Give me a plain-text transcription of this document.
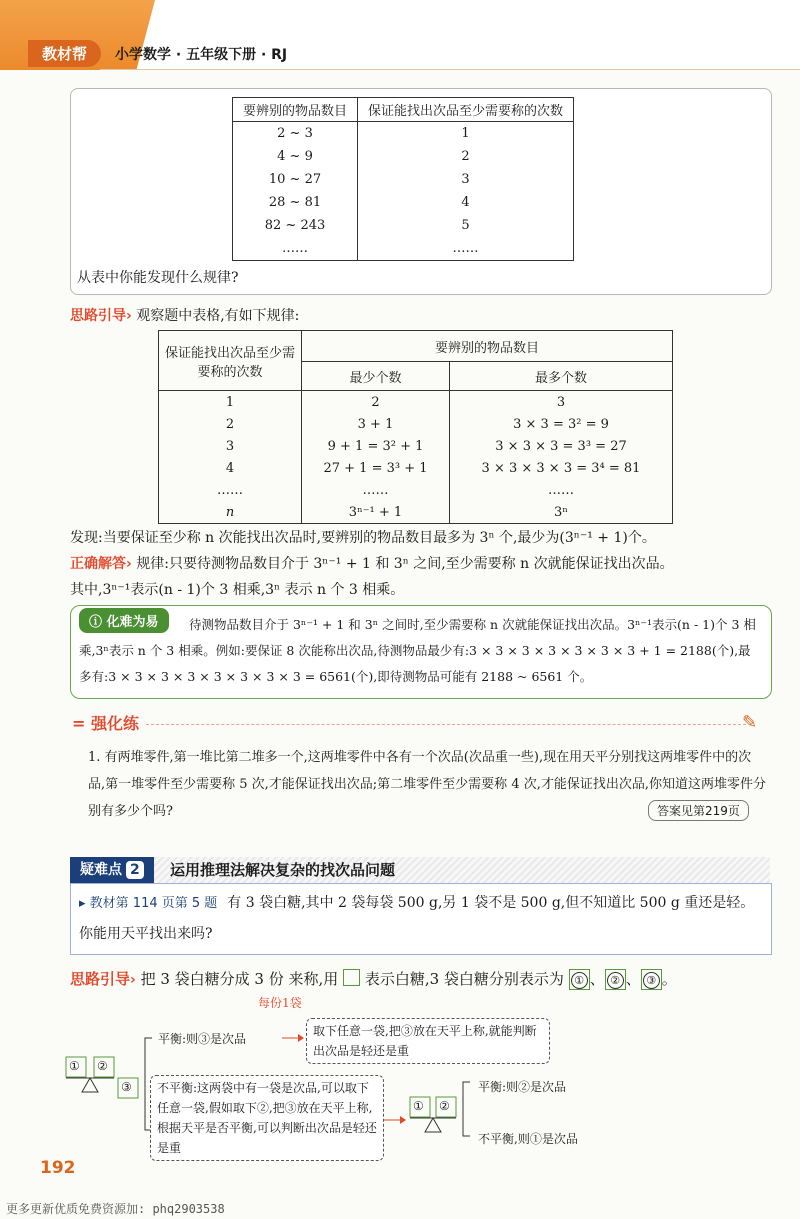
教材帮	小学数学 · 五年级下册 · RJ
要辨别的物品数目	保证能找出次品至少需要称的次数
2 ~ 3	1
4 ~ 9	2
10 ~ 27	3
28 ~ 81	4
82 ~ 243	5
……	……
从表中你能发现什么规律?
思路引导› 观察题中表格,有如下规律:
保证能找出次品至少需要称的次数	要辨别的物品数目	
	最少个数	最多个数
1	2	3
2	3 + 1	3 × 3 = 3² = 9
3	9 + 1 = 3² + 1	3 × 3 × 3 = 3³ = 27
4	27 + 1 = 3³ + 1	3 × 3 × 3 × 3 = 3⁴ = 81
……	……	……
n	3ⁿ⁻¹ + 1	3ⁿ
发现:当要保证至少称 n 次能找出次品时,要辨别的物品数目最多为 3ⁿ 个,最少为(3ⁿ⁻¹ + 1)个。
正确解答› 规律:只要待测物品数目介于 3ⁿ⁻¹ + 1 和 3ⁿ 之间,至少需要称 n 次就能保证找出次品。
其中,3ⁿ⁻¹表示(n - 1)个 3 相乘,3ⁿ 表示 n 个 3 相乘。
待测物品数目介于 3ⁿ⁻¹ + 1 和 3ⁿ 之间时,至少需要称 n 次就能保证找出次品。3ⁿ⁻¹表示(n - 1)个 3 相乘,3ⁿ表示 n 个 3 相乘。例如:要保证 8 次能称出次品,待测物品最少有:3 × 3 × 3 × 3 × 3 × 3 × 3 + 1 = 2188(个),最多有:3 × 3 × 3 × 3 × 3 × 3 × 3 × 3 = 6561(个),即待测物品可能有 2188 ~ 6561 个。
ⓘ 化难为易
= 强化练	✎
1. 有两堆零件,第一堆比第二堆多一个,这两堆零件中各有一个次品(次品重一些),现在用天平分别找这两堆零件中的次品,第一堆零件至少需要称 5 次,才能保证找出次品;第二堆零件至少需要称 4 次,才能保证找出次品,你知道这两堆零件分别有多少个吗?	答案见第219页
疑难点 2	运用推理法解决复杂的找次品问题
▸ 教材第 114 页第 5 题 有 3 袋白糖,其中 2 袋每袋 500 g,另 1 袋不是 500 g,但不知道比 500 g 重还是轻。你能用天平找出来吗?
思路引导› 把 3 袋白糖分成 3 份 来称,用 表示白糖,3 袋白糖分别表示为 ① 、 ② 、 ③ 。
每份1袋
① ②
③
① ②
平衡:则③是次品
取下任意一袋,把③放在天平上称,就能判断出次品是轻还是重
不平衡:这两袋中有一袋是次品,可以取下任意一袋,假如取下②,把③放在天平上称,根据天平是否平衡,可以判断出次品是轻还是重
平衡:则②是次品
不平衡,则①是次品
192
更多更新优质免费资源加: phq2903538
